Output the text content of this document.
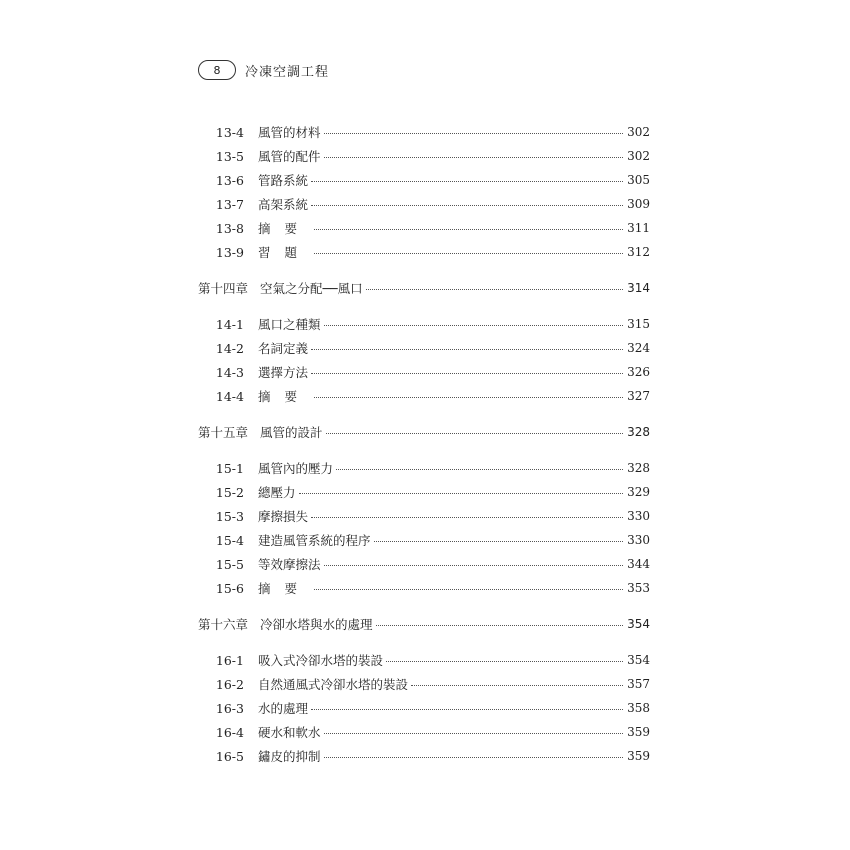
8	冷凍空調工程
13-4 風管的材料	302
13-5 風管的配件	302
13-6 管路系統	305
13-7 高架系統	309
13-8 摘要	311
13-9 習題	312
第十四章 空氣之分配──風口	314
14-1 風口之種類	315
14-2 名詞定義	324
14-3 選擇方法	326
14-4 摘要	327
第十五章 風管的設計	328
15-1 風管內的壓力	328
15-2 總壓力	329
15-3 摩擦損失	330
15-4 建造風管系統的程序	330
15-5 等效摩擦法	344
15-6 摘要	353
第十六章 冷卻水塔與水的處理	354
16-1 吸入式冷卻水塔的裝設	354
16-2 自然通風式冷卻水塔的裝設	357
16-3 水的處理	358
16-4 硬水和軟水	359
16-5 鏽皮的抑制	359
